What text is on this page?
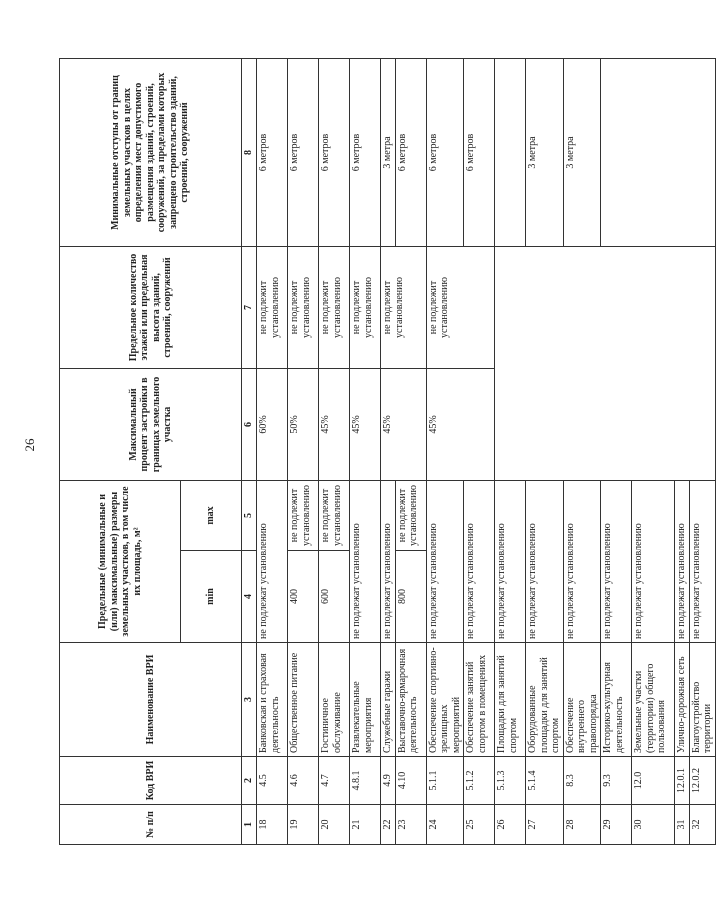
26
№ п/п	Код ВРИ	Наименование ВРИ	Предельные (минимальные и (или) максимальные) размеры земельных участков, в том числе их площадь, м²		Максимальный процент застройки в границах земельного участка	Предельное количество этажей или предельная высота зданий, строений, сооружений	Минимальные отступы от границ земельных участков в целях определения мест допустимого размещения зданий, строений, сооружений, за пределами которых запрещено строительство зданий, строений, сооружений
			min	max			
1	2	3	4	5	6	7	8
18	4.5	Банковская и страховая деятельность	не подлежат установлению		60%	не подлежит установлению	6 метров
19	4.6	Общественное питание	400	не подлежит установлению	50%	не подлежит установлению	6 метров
20	4.7	Гостиничное обслуживание	600	не подлежит установлению	45%	не подлежит установлению	6 метров
21	4.8.1	Развлекательные мероприятия	не подлежат установлению		45%	не подлежит установлению	6 метров
22	4.9	Служебные гаражи	не подлежат установлению		45%	не подлежит установлению	3 метра
23	4.10	Выставочно-ярмарочная деятельность	800	не подлежит установлению			6 метров
24	5.1.1	Обеспечение спортивно-зрелищных мероприятий	не подлежат установлению		45%	не подлежит установлению	6 метров
25	5.1.2	Обеспечение занятий спортом в помещениях	не подлежат установлению				6 метров
26	5.1.3	Площадки для занятий спортом	не подлежат установлению				
27	5.1.4	Оборудованные площадки для занятий спортом	не подлежат установлению				3 метра
28	8.3	Обеспечение внутреннего правопорядка	не подлежат установлению				3 метра
29	9.3	Историко-культурная деятельность	не подлежат установлению				
30	12.0	Земельные участки (территории) общего пользования	не подлежат установлению				
31	12.0.1	Улично-дорожная сеть	не подлежат установлению				
32	12.0.2	Благоустройство территории	не подлежат установлению				
